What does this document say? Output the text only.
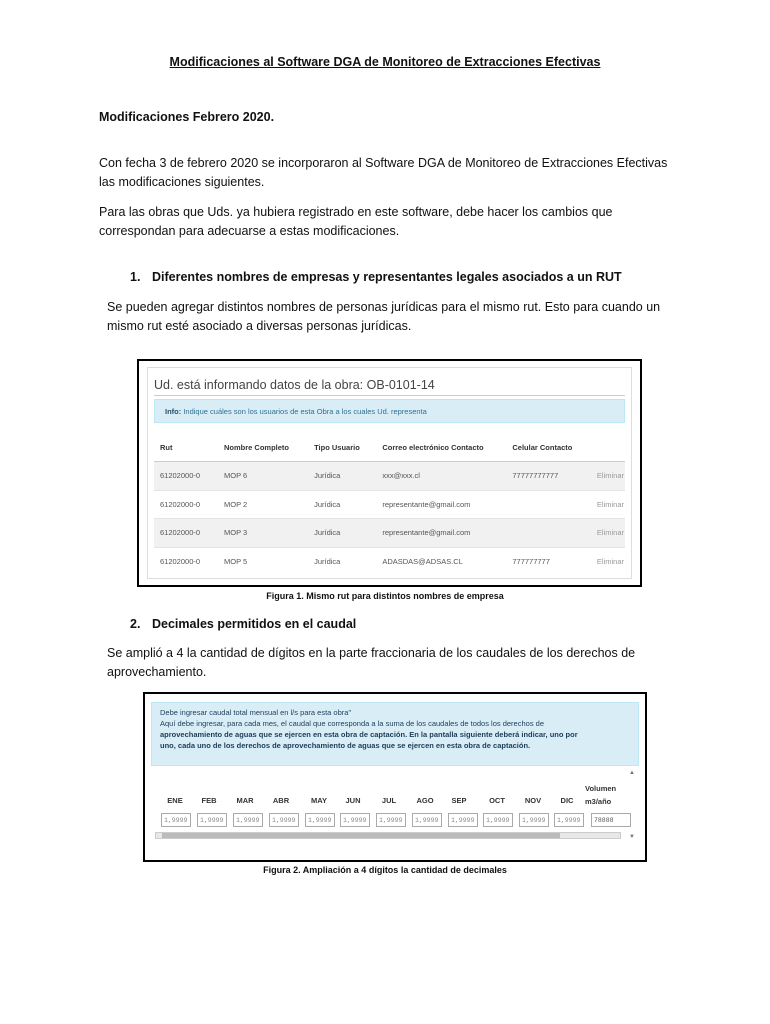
Modificaciones al Software DGA de Monitoreo de Extracciones Efectivas
Modificaciones Febrero 2020.
Con fecha 3 de febrero 2020 se incorporaron al Software DGA de Monitoreo de Extracciones Efectivas
las modificaciones siguientes.
Para las obras que Uds. ya hubiera registrado en este software, debe hacer los cambios que
correspondan para adecuarse a estas modificaciones.
1. Diferentes nombres de empresas y representantes legales asociados a un RUT
Se pueden agregar distintos nombres de personas jurídicas para el mismo rut. Esto para cuando un
mismo rut esté asociado a diversas personas jurídicas.
Ud. está informando datos de la obra: OB-0101-14
Info: Indique cuáles son los usuarios de esta Obra a los cuales Ud. representa
Rut	Nombre Completo	Tipo Usuario	Correo electrónico Contacto	Celular Contacto	
61202000-0	MOP 6	Jurídica	xxx@xxx.cl	77777777777	Eliminar
61202000-0	MOP 2	Jurídica	representante@gmail.com		Eliminar
61202000-0	MOP 3	Jurídica	representante@gmail.com		Eliminar
61202000-0	MOP 5	Jurídica	ADASDAS@ADSAS.CL	777777777	Eliminar
Figura 1. Mismo rut para distintos nombres de empresa
2. Decimales permitidos en el caudal
Se amplió a 4 la cantidad de dígitos en la parte fraccionaria de los caudales de los derechos de
aprovechamiento.
Debe ingresar caudal total mensual en l/s para esta obra"
Aquí debe ingresar, para cada mes, el caudal que corresponda a la suma de los caudales de todos los derechos de
aprovechamiento de aguas que se ejercen en esta obra de captación. En la pantalla siguiente deberá indicar, uno por
uno, cada uno de los derechos de aprovechamiento de aguas que se ejercen en esta obra de captación.
ENE	FEB	MAR	ABR	MAY	JUN	JUL	AGO	SEP	OCT	NOV	DIC
Volumen
m3/año
1,9999	1,9999	1,9999	1,9999	1,9999	1,9999	1,9999	1,9999	1,9999	1,9999	1,9999	1,9999	78888
▲
▼
Figura 2. Ampliación a 4 dígitos la cantidad de decimales
